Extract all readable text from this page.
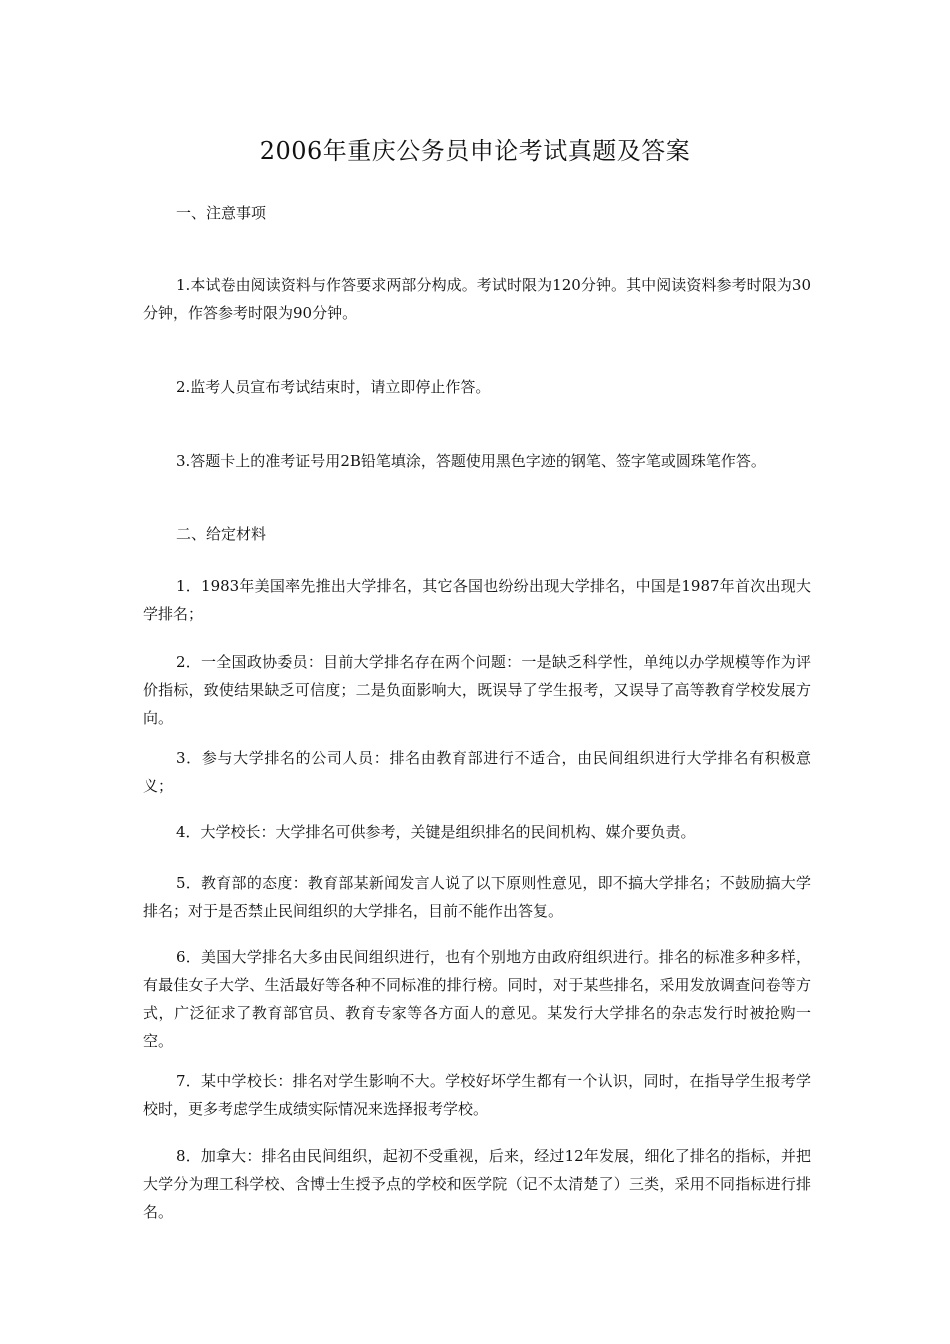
2006年重庆公务员申论考试真题及答案
一、注意事项

1.本试卷由阅读资料与作答要求两部分构成。考试时限为120分钟。其中阅读资料参考时限为30分钟，作答参考时限为90分钟。

2.监考人员宣布考试结束时，请立即停止作答。

3.答题卡上的准考证号用2B铅笔填涂，答题使用黑色字迹的钢笔、签字笔或圆珠笔作答。

二、给定材料

1．1983年美国率先推出大学排名，其它各国也纷纷出现大学排名，中国是1987年首次出现大学排名；

2．一全国政协委员：目前大学排名存在两个问题：一是缺乏科学性，单纯以办学规模等作为评价指标，致使结果缺乏可信度；二是负面影响大，既误导了学生报考，又误导了高等教育学校发展方向。

3．参与大学排名的公司人员：排名由教育部进行不适合，由民间组织进行大学排名有积极意义；

4．大学校长：大学排名可供参考，关键是组织排名的民间机构、媒介要负责。

5．教育部的态度：教育部某新闻发言人说了以下原则性意见，即不搞大学排名；不鼓励搞大学排名；对于是否禁止民间组织的大学排名，目前不能作出答复。

6．美国大学排名大多由民间组织进行，也有个别地方由政府组织进行。排名的标准多种多样，有最佳女子大学、生活最好等各种不同标准的排行榜。同时，对于某些排名，采用发放调查问卷等方式，广泛征求了教育部官员、教育专家等各方面人的意见。某发行大学排名的杂志发行时被抢购一空。

7．某中学校长：排名对学生影响不大。学校好坏学生都有一个认识，同时，在指导学生报考学校时，更多考虑学生成绩实际情况来选择报考学校。

8．加拿大：排名由民间组织，起初不受重视，后来，经过12年发展，细化了排名的指标，并把大学分为理工科学校、含博士生授予点的学校和医学院（记不太清楚了）三类，采用不同指标进行排名。
